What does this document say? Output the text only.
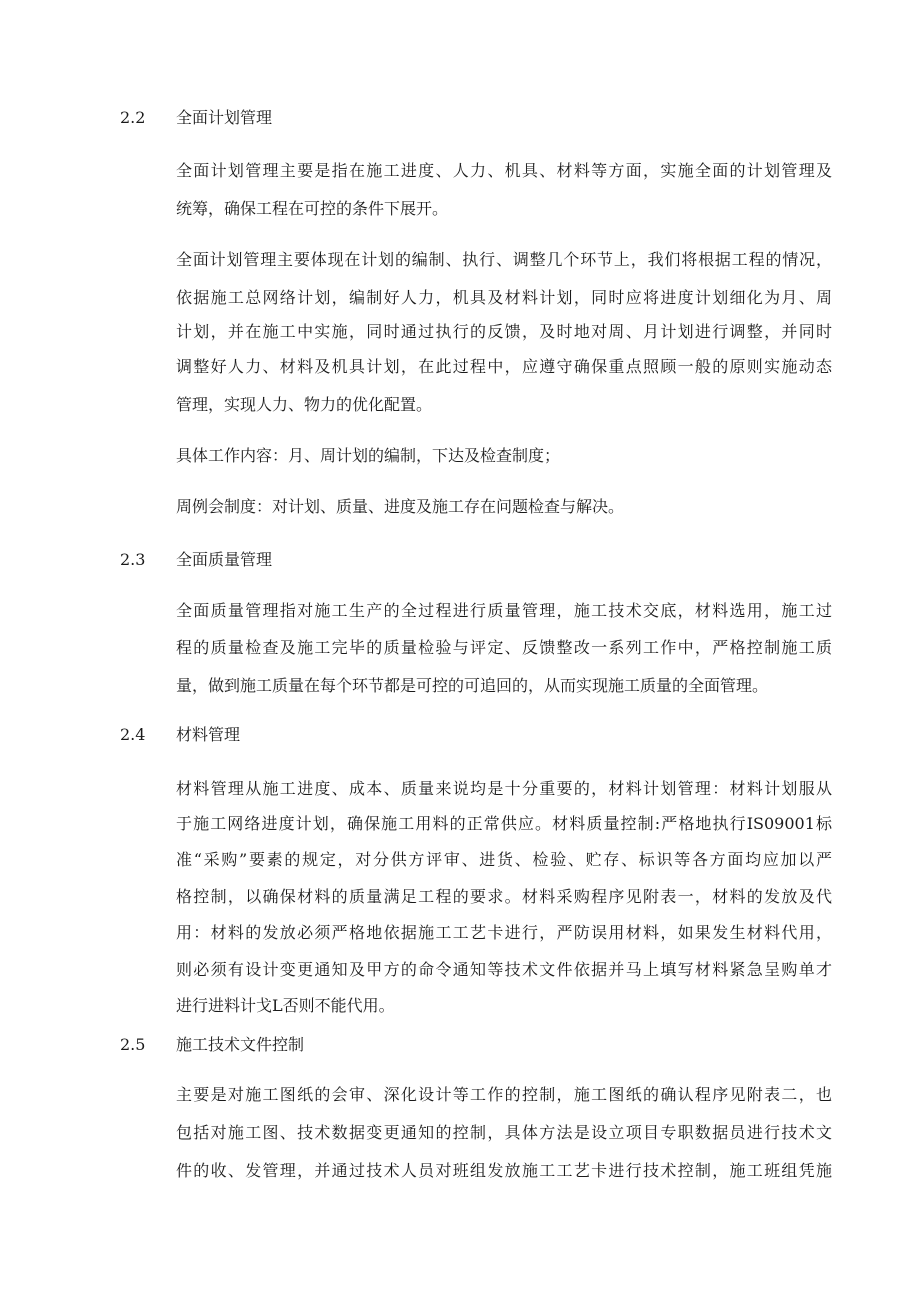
2.2 全面计划管理
全面计划管理主要是指在施工进度、人力、机具、材料等方面，实施全面的计划管理及
统筹，确保工程在可控的条件下展开。
全面计划管理主要体现在计划的编制、执行、调整几个环节上，我们将根据工程的情况，
依据施工总网络计划，编制好人力，机具及材料计划，同时应将进度计划细化为月、周
计划，并在施工中实施，同时通过执行的反馈，及时地对周、月计划进行调整，并同时
调整好人力、材料及机具计划，在此过程中，应遵守确保重点照顾一般的原则实施动态
管理，实现人力、物力的优化配置。
具体工作内容：月、周计划的编制，下达及检查制度；
周例会制度：对计划、质量、进度及施工存在问题检查与解决。
2.3 全面质量管理
全面质量管理指对施工生产的全过程进行质量管理，施工技术交底，材料选用，施工过
程的质量检查及施工完毕的质量检验与评定、反馈整改一系列工作中，严格控制施工质
量，做到施工质量在每个环节都是可控的可追回的，从而实现施工质量的全面管理。
2.4 材料管理
材料管理从施工进度、成本、质量来说均是十分重要的，材料计划管理：材料计划服从
于施工网络进度计划，确保施工用料的正常供应。材料质量控制:严格地执行IS09001标
准“采购”要素的规定，对分供方评审、进货、检验、贮存、标识等各方面均应加以严
格控制，以确保材料的质量满足工程的要求。材料采购程序见附表一，材料的发放及代
用：材料的发放必须严格地依据施工工艺卡进行，严防误用材料，如果发生材料代用，
则必须有设计变更通知及甲方的命令通知等技术文件依据并马上填写材料紧急呈购单才
进行进料计戈L否则不能代用。
2.5 施工技术文件控制
主要是对施工图纸的会审、深化设计等工作的控制，施工图纸的确认程序见附表二，也
包括对施工图、技术数据变更通知的控制，具体方法是设立项目专职数据员进行技术文
件的收、发管理，并通过技术人员对班组发放施工工艺卡进行技术控制，施工班组凭施
